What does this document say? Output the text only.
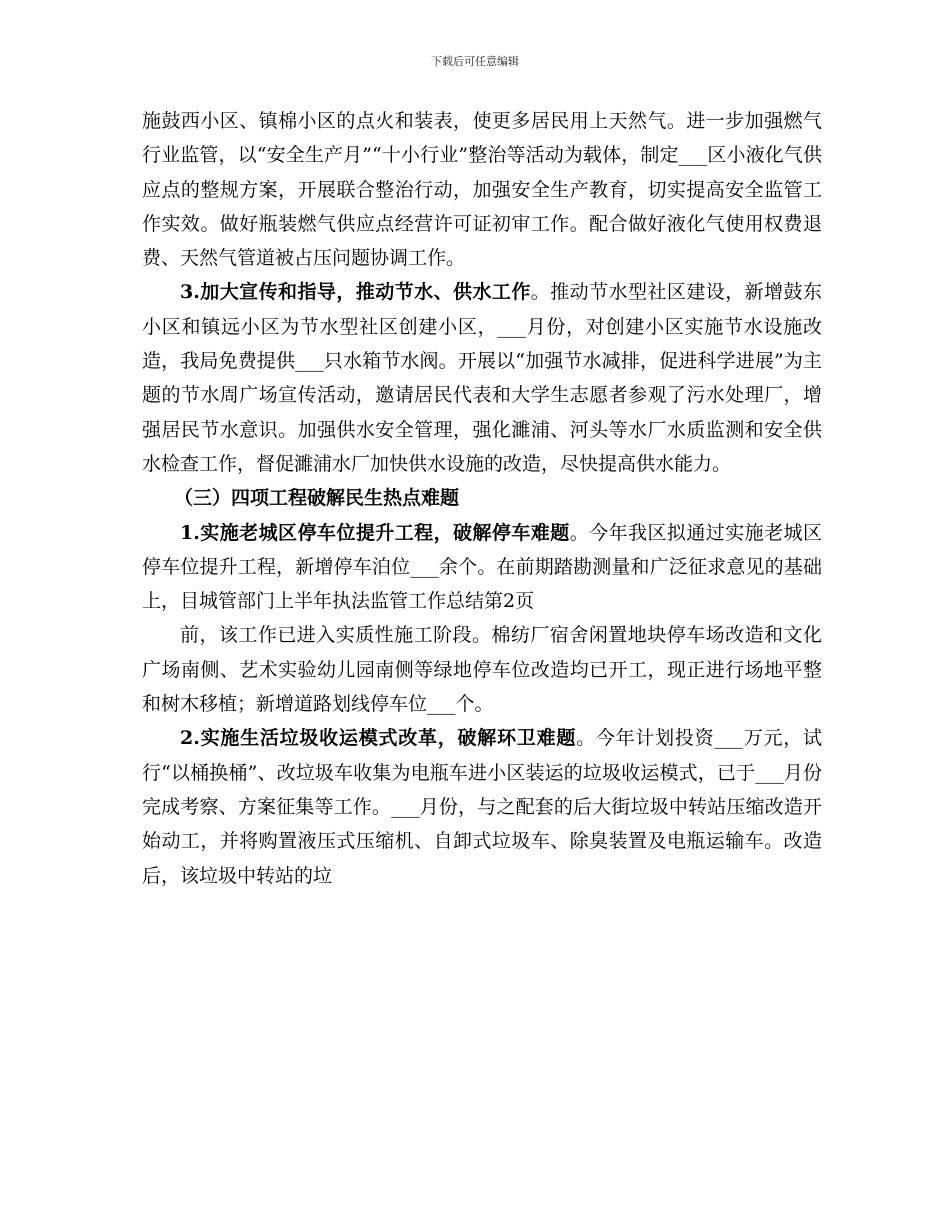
下载后可任意编辑

施鼓西小区、镇棉小区的点火和装表，使更多居民用上天然气。进一步加强燃气行业监管，以“安全生产月”“十小行业”整治等活动为载体，制定___区小液化气供应点的整规方案，开展联合整治行动，加强安全生产教育，切实提高安全监管工作实效。做好瓶装燃气供应点经营许可证初审工作。配合做好液化气使用权费退费、天然气管道被占压问题协调工作。

3.加大宣传和指导，推动节水、供水工作。推动节水型社区建设，新增鼓东小区和镇远小区为节水型社区创建小区，___月份，对创建小区实施节水设施改造，我局免费提供___只水箱节水阀。开展以“加强节水减排，促进科学进展”为主题的节水周广场宣传活动，邀请居民代表和大学生志愿者参观了污水处理厂，增强居民节水意识。加强供水安全管理，强化濉浦、河头等水厂水质监测和安全供水检查工作，督促濉浦水厂加快供水设施的改造，尽快提高供水能力。

（三）四项工程破解民生热点难题

1.实施老城区停车位提升工程，破解停车难题。今年我区拟通过实施老城区停车位提升工程，新增停车泊位___余个。在前期踏勘测量和广泛征求意见的基础上，目城管部门上半年执法监管工作总结第2页

前，该工作已进入实质性施工阶段。棉纺厂宿舍闲置地块停车场改造和文化广场南侧、艺术实验幼儿园南侧等绿地停车位改造均已开工，现正进行场地平整和树木移植；新增道路划线停车位___个。

2.实施生活垃圾收运模式改革，破解环卫难题。今年计划投资___万元，试行“以桶换桶”、改垃圾车收集为电瓶车进小区装运的垃圾收运模式，已于___月份完成考察、方案征集等工作。___月份，与之配套的后大街垃圾中转站压缩改造开始动工，并将购置液压式压缩机、自卸式垃圾车、除臭装置及电瓶运输车。改造后，该垃圾中转站的垃
